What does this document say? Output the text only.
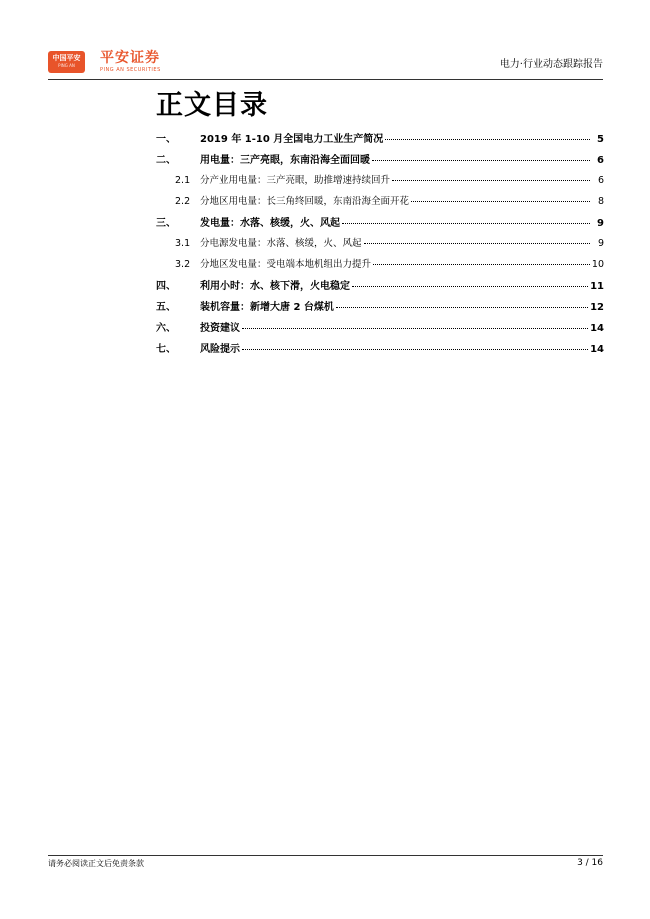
中国平安
PING AN	平安证券
PING AN SECURITIES	电力·行业动态跟踪报告
正文目录
一、	2019 年 1-10 月全国电力工业生产简况	5
二、	用电量：三产亮眼，东南沿海全面回暖	6
2.1	分产业用电量：三产亮眼，助推增速持续回升	6
2.2	分地区用电量：长三角终回暖，东南沿海全面开花	8
三、	发电量：水落、核缓，火、风起	9
3.1	分电源发电量：水落、核缓，火、风起	9
3.2	分地区发电量：受电端本地机组出力提升	10
四、	利用小时：水、核下滑，火电稳定	11
五、	装机容量：新增大唐 2 台煤机	12
六、	投资建议	14
七、	风险提示	14
请务必阅读正文后免责条款	3 / 16
